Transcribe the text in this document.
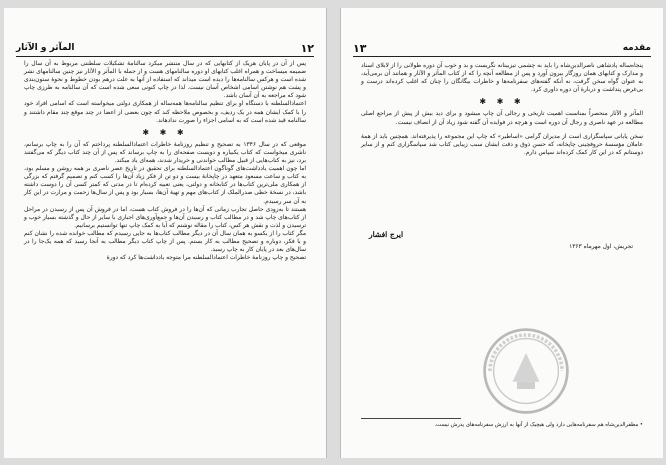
۱۲
المآثر و الآثار

پس از آن در پایان هریک از کتابهایی که در سال منتشر میکرد سالنامۀ تشکیلات سلطنتی مربوط به آن سال را ضمیمه میساخت و همراه اغلب کتابهای او دوره سالنامهای هست و از جمله با المآثر و الآثار نیز چنین سالنامهای نشر شده است و هرکس سالنامه‌ها را دیده است میداند که استفاده از آنها به علت درهم بودن خطوط و نحوۀ ستون‌بندی و پشت هم نوشتن اسامی اشخاص آسان نیست. لذا در چاپ کنونی سعی شده است که آن سالنامه به طرزی چاپ شود که مراجعه به آن آسان باشد.

اعتمادالسلطنه با دستگاه او برای تنظیم سالنامه‌ها همه‌ساله از همکاری دولتی میخواسته است که اسامی افراد خود را با کمک ایشان همه در یک ردیف، و بخصوص ملاحظه کند که چون بعضی از اعضا در چند موقع چند مقام داشتند و سالنامه قید شده است که به اسامی اجزاء را صورت ندادهاند.

✱ ✱ ✱

موقعی که در سال ۱۳۴۶ به تصحیح و تنظیم روزنامۀ خاطرات اعتمادالسلطنه پرداختم که آن را به چاپ برسانم، ناشری میخواست که کتاب یکبیاره و دویست صفحه‌ای را به چاپ برساند که پس از آن چند کتاب دیگر که می‌گفتند برد، نیز به کتاب‌هایی از قبیل مطالب خواندنی و خریدار شدند، همه‌ای یاد میکند.

اما چون اهمیت یادداشت‌های گوناگون اعتمادالسلطنه برای تحقیق در تاریخ عصر ناصری بر همه روشن و مسلم بود، به کتاب و ساعت مسعود متعهد در چاپخانۀ بیست و دو تن از فکر زیاد آن‌ها را کسب کنم و تصمیم گرفتم که بزرگی از همکاری ملی‌ترین کتاب‌ها در کتابخانه و دولتی، یعنی تعبیه کرده‌ام تا در مدتی که کمتر کسی آن را دوست داشته باشد، در نسخۀ خطی صدرالملک از کتاب‌های مهم و تهیۀ آن‌ها، بسیار بود و پس از سال‌ها زحمت و مرارت در این کار به آن سر رسیدم.

هستند تا به‌زودی حاصل تجارب زمانی که آن‌ها را در فروش کتاب هست، اما در فروش آن پس از رسیدن در مراحل از کتاب‌های چاپ شد و در مطالب کتاب و رسیدن آن‌ها و جمع‌آوری‌های اجباری با سایر از حال و گذشته بسیار خوب و ترسیدن و لذت و نقش هر کس، کتاب را مقاله نوشتم که آیا به کمک چاپ تنها توانستیم برسانیم.

مگر کتاب را از یکسو به همان سال آن در دیگر مطالب کتاب‌ها به جایی رسیدم که مطالب خوانده شده را نشان کنم و با فکر، دوباره و تصحیح مطالب به کار بستم. پس از چاپ کتاب دیگر مطالب به آنجا رسید که همه یک‌جا را در سال‌های بعد در پایان کار به چاپ رسید.

تصحیح و چاپ روزنامۀ خاطرات اعتمادالسلطنه مرا متوجه یادداشت‌ها کرد که دورۀ

۱۳	مقدمه

پنجاه‌ساله پادشاهی ناصرالدین‌شاه را باید به چشمی تیزبینانه نگریست و بد و خوب آن دوره طولانی را از لابلای اسناد و مدارک و کتابهای همان روزگار بیرون آورد و پس از مطالعه آنچه را که از کتاب المآثر و الآثار و همانند آن برمی‌آید، به عنوان گواه سخن گرفت، نه آنکه گفته‌های سفرنامه‌ها و خاطرات بیگانگان را چنان که اغلب کرده‌اند درست و بی‌غرض پنداشت و دربارۀ آن دوره داوری کرد.

✱ ✱ ✱

المآثر و الآثار منحصراً بمناسبت اهمیت تاریخی و رجالی آن چاپ میشود و برای دید بیش از پیش از مراجع اصلی مطالعه در عهد ناصری و رجال آن دوره است و هرچه در فوایده آن گفته شود زیاد آن از انصاف نیست.

سخن پایانی سپاسگزاری است از مدیران گرامی «اساطیر» که چاپ این مجموعه را پذیرفته‌اند. همچنین باید از همۀ عاملان مؤسسۀ حروفچینی چاپخانه، که حسن ذوق و دقت ایشان سبب زیبایی کتاب شد سپاسگزاری کنم و از سایر دوستانم که در این کار کمک کرده‌اند سپاس دارم.

ایرج افشار
تجریش، اول مهرماه ۱۳۶۳
• مظفرالدین‌شاه هم سفرنامه‌هایی دارد ولی هیچیک از آنها به ارزش سفرنامه‌های پدرش نیست.
